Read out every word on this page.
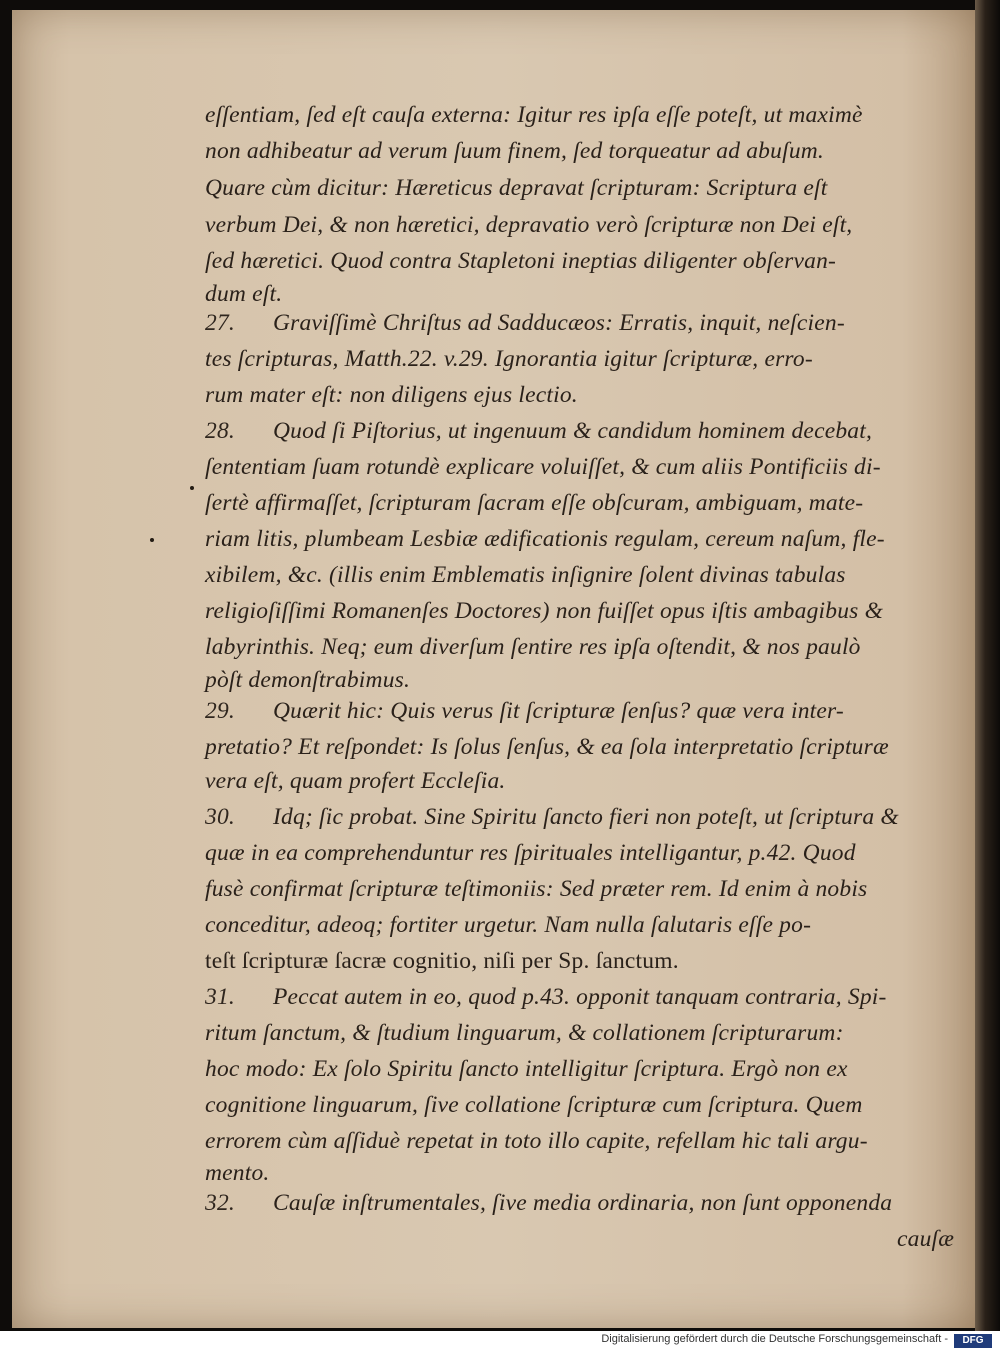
eſſentiam, ſed eſt cauſa externa: Igitur res ipſa eſſe poteſt, ut maximè
non adhibeatur ad verum ſuum finem, ſed torqueatur ad abuſum.
Quare cùm dicitur: Hæreticus depravat ſcripturam: Scriptura eſt
verbum Dei, & non hæretici, depravatio verò ſcripturæ non Dei eſt,
ſed hæretici. Quod contra Stapletoni ineptias diligenter obſervan-
dum eſt.
27. Graviſſimè Chriſtus ad Sadducæos: Erratis, inquit, neſcien-
tes ſcripturas, Matth.22. v.29. Ignorantia igitur ſcripturæ, erro-
rum mater eſt: non diligens ejus lectio.
28. Quod ſi Piſtorius, ut ingenuum & candidum hominem decebat,
ſententiam ſuam rotundè explicare voluiſſet, & cum aliis Pontificiis di-
ſertè affirmaſſet, ſcripturam ſacram eſſe obſcuram, ambiguam, mate-
riam litis, plumbeam Lesbiæ ædificationis regulam, cereum naſum, fle-
xibilem, &c. (illis enim Emblematis inſignire ſolent divinas tabulas
religioſiſſimi Romanenſes Doctores) non fuiſſet opus iſtis ambagibus &
labyrinthis. Neq; eum diverſum ſentire res ipſa oſtendit, & nos paulò
pòſt demonſtrabimus.
29. Quærit hic: Quis verus ſit ſcripturæ ſenſus? quæ vera inter-
pretatio? Et reſpondet: Is ſolus ſenſus, & ea ſola interpretatio ſcripturæ
vera eſt, quam profert Eccleſia.
30. Idq; ſic probat. Sine Spiritu ſancto fieri non poteſt, ut ſcriptura &
quæ in ea comprehenduntur res ſpirituales intelligantur, p.42. Quod
fusè confirmat ſcripturæ teſtimoniis: Sed præter rem. Id enim à nobis
conceditur, adeoq; fortiter urgetur. Nam nulla ſalutaris eſſe po-
teſt ſcripturæ ſacræ cognitio, niſi per Sp. ſanctum.
31. Peccat autem in eo, quod p.43. opponit tanquam contraria, Spi-
ritum ſanctum, & ſtudium linguarum, & collationem ſcripturarum:
hoc modo: Ex ſolo Spiritu ſancto intelligitur ſcriptura. Ergò non ex
cognitione linguarum, ſive collatione ſcripturæ cum ſcriptura. Quem
errorem cùm aſſiduè repetat in toto illo capite, refellam hic tali argu-
mento.
32. Cauſæ inſtrumentales, ſive media ordinaria, non ſunt opponenda
cauſæ
Digitalisierung gefördert durch die Deutsche Forschungsgemeinschaft -	DFG
